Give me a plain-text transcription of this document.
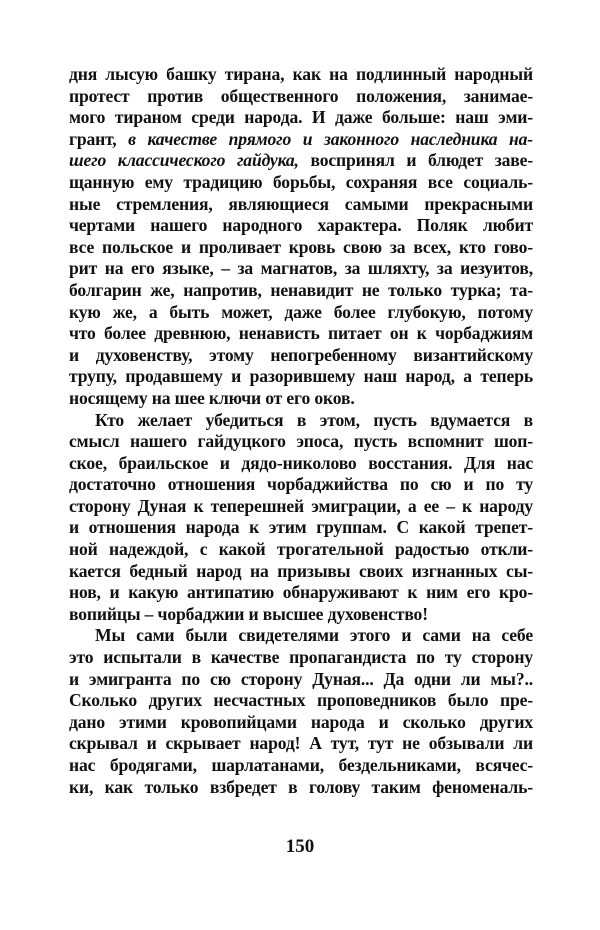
дня лысую башку тирана, как на подлинный народный
протест против общественного положения, занимае-
мого тираном среди народа. И даже больше: наш эми-
грант, в качестве прямого и законного наследника на-
шего классического гайдука, воспринял и блюдет заве-
щанную ему традицию борьбы, сохраняя все социаль-
ные стремления, являющиеся самыми прекрасными
чертами нашего народного характера. Поляк любит
все польское и проливает кровь свою за всех, кто гово-
рит на его языке, – за магнатов, за шляхту, за иезуитов,
болгарин же, напротив, ненавидит не только турка; та-
кую же, а быть может, даже более глубокую, потому
что более древнюю, ненависть питает он к чорбаджиям
и духовенству, этому непогребенному византийскому
трупу, продавшему и разорившему наш народ, а теперь
носящему на шее ключи от его оков.
Кто желает убедиться в этом, пусть вдумается в
смысл нашего гайдуцкого эпоса, пусть вспомнит шоп-
ское, браильское и дядо-николово восстания. Для нас
достаточно отношения чорбаджийства по сю и по ту
сторону Дуная к теперешней эмиграции, а ее – к народу
и отношения народа к этим группам. С какой трепет-
ной надеждой, с какой трогательной радостью откли-
кается бедный народ на призывы своих изгнанных сы-
нов, и какую антипатию обнаруживают к ним его кро-
вопийцы – чорбаджии и высшее духовенство!
Мы сами были свидетелями этого и сами на себе
это испытали в качестве пропагандиста по ту сторону
и эмигранта по сю сторону Дуная... Да одни ли мы?..
Сколько других несчастных проповедников было пре-
дано этими кровопийцами народа и сколько других
скрывал и скрывает народ! А тут, тут не обзывали ли
нас бродягами, шарлатанами, бездельниками, всячес-
ки, как только взбредет в голову таким феноменаль-
150
